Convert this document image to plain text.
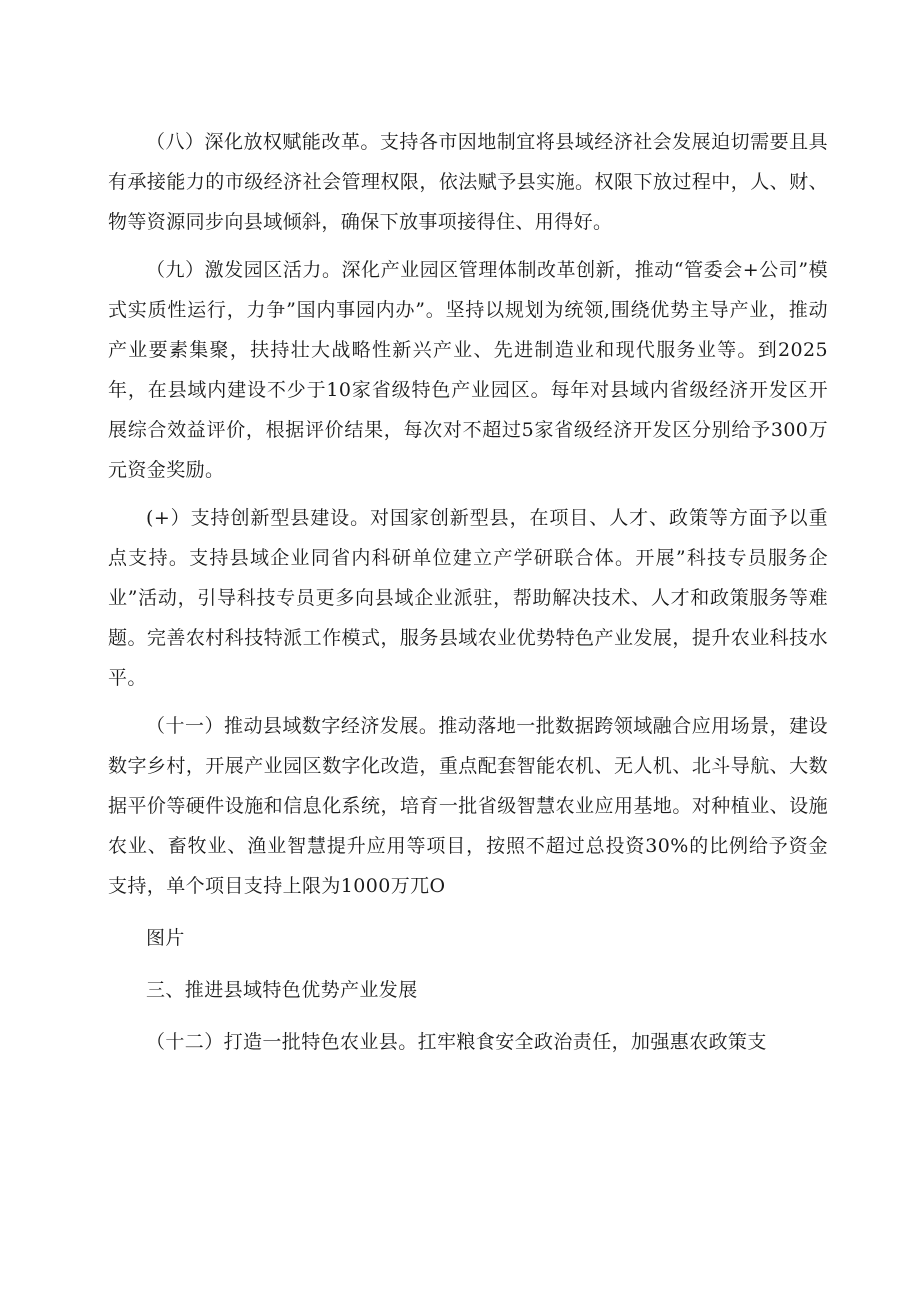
（八）深化放权赋能改革。支持各市因地制宜将县域经济社会发展迫切需要且具有承接能力的市级经济社会管理权限，依法赋予县实施。权限下放过程中，人、财、物等资源同步向县域倾斜，确保下放事项接得住、用得好。

（九）激发园区活力。深化产业园区管理体制改革创新，推动“管委会+公司”模式实质性运行，力争”国内事园内办”。坚持以规划为统领,围绕优势主导产业，推动产业要素集聚，扶持壮大战略性新兴产业、先进制造业和现代服务业等。到2025年，在县域内建设不少于10家省级特色产业园区。每年对县域内省级经济开发区开展综合效益评价，根据评价结果，每次对不超过5家省级经济开发区分别给予300万元资金奖励。

(+）支持创新型县建设。对国家创新型县，在项目、人才、政策等方面予以重点支持。支持县域企业同省内科研单位建立产学研联合体。开展”科技专员服务企业”活动，引导科技专员更多向县域企业派驻，帮助解决技术、人才和政策服务等难题。完善农村科技特派工作模式，服务县域农业优势特色产业发展，提升农业科技水平。

（十一）推动县域数字经济发展。推动落地一批数据跨领域融合应用场景，建设数字乡村，开展产业园区数字化改造，重点配套智能农机、无人机、北斗导航、大数据平价等硬件设施和信息化系统，培育一批省级智慧农业应用基地。对种植业、设施农业、畜牧业、渔业智慧提升应用等项目，按照不超过总投资30%的比例给予资金支持，单个项目支持上限为1000万兀O

图片

三、推进县域特色优势产业发展

（十二）打造一批特色农业县。扛牢粮食安全政治责任，加强惠农政策支
